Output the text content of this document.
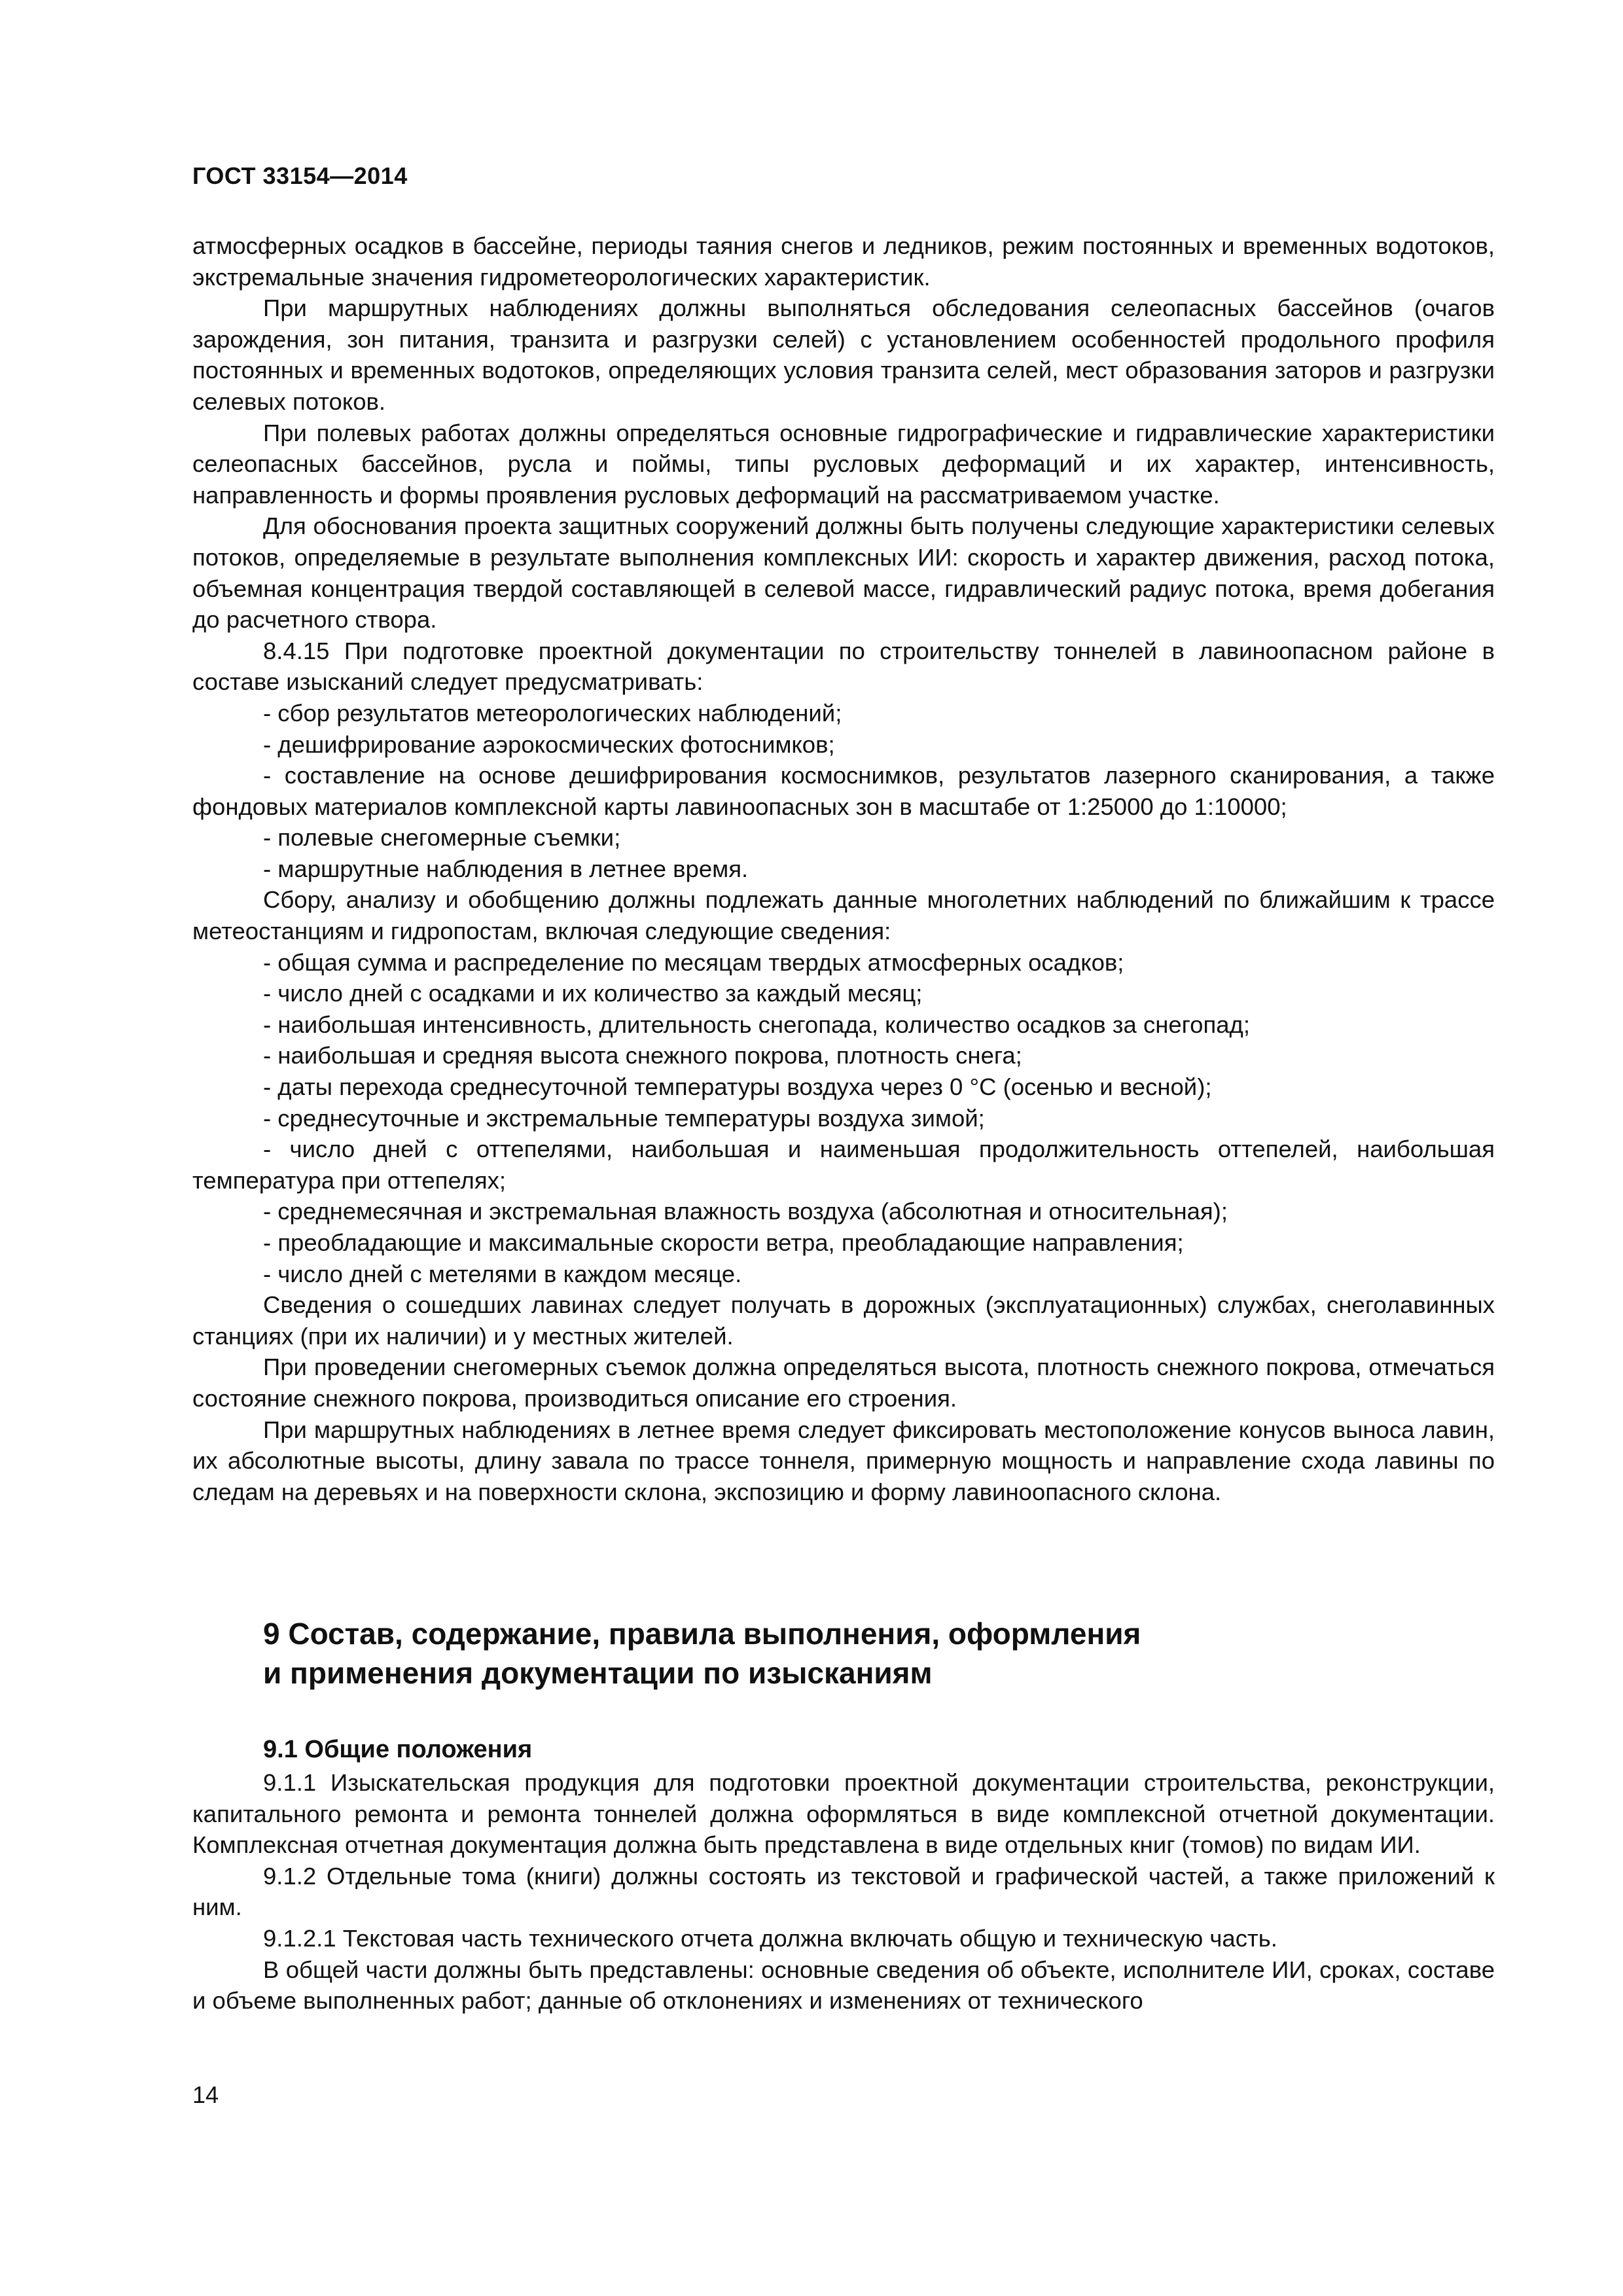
ГОСТ 33154—2014

атмосферных осадков в бассейне, периоды таяния снегов и ледников, режим постоянных и временных водотоков, экстремальные значения гидрометеорологических характеристик.

При маршрутных наблюдениях должны выполняться обследования селеопасных бассейнов (очагов зарождения, зон питания, транзита и разгрузки селей) с установлением особенностей продольного профиля постоянных и временных водотоков, определяющих условия транзита селей, мест образования заторов и разгрузки селевых потоков.

При полевых работах должны определяться основные гидрографические и гидравлические характеристики селеопасных бассейнов, русла и поймы, типы русловых деформаций и их характер, интенсивность, направленность и формы проявления русловых деформаций на рассматриваемом участке.

Для обоснования проекта защитных сооружений должны быть получены следующие характеристики селевых потоков, определяемые в результате выполнения комплексных ИИ: скорость и характер движения, расход потока, объемная концентрация твердой составляющей в селевой массе, гидравлический радиус потока, время добегания до расчетного створа.

8.4.15 При подготовке проектной документации по строительству тоннелей в лавиноопасном районе в составе изысканий следует предусматривать:

- сбор результатов метеорологических наблюдений;

- дешифрирование аэрокосмических фотоснимков;

- составление на основе дешифрирования космоснимков, результатов лазерного сканирования, а также фондовых материалов комплексной карты лавиноопасных зон в масштабе от 1:25000 до 1:10000;

- полевые снегомерные съемки;

- маршрутные наблюдения в летнее время.

Сбору, анализу и обобщению должны подлежать данные многолетних наблюдений по ближайшим к трассе метеостанциям и гидропостам, включая следующие сведения:

- общая сумма и распределение по месяцам твердых атмосферных осадков;

- число дней с осадками и их количество за каждый месяц;

- наибольшая интенсивность, длительность снегопада, количество осадков за снегопад;

- наибольшая и средняя высота снежного покрова, плотность снега;

- даты перехода среднесуточной температуры воздуха через 0 °С (осенью и весной);

- среднесуточные и экстремальные температуры воздуха зимой;

- число дней с оттепелями, наибольшая и наименьшая продолжительность оттепелей, наибольшая температура при оттепелях;

- среднемесячная и экстремальная влажность воздуха (абсолютная и относительная);

- преобладающие и максимальные скорости ветра, преобладающие направления;

- число дней с метелями в каждом месяце.

Сведения о сошедших лавинах следует получать в дорожных (эксплуатационных) службах, снеголавинных станциях (при их наличии) и у местных жителей.

При проведении снегомерных съемок должна определяться высота, плотность снежного покрова, отмечаться состояние снежного покрова, производиться описание его строения.

При маршрутных наблюдениях в летнее время следует фиксировать местоположение конусов выноса лавин, их абсолютные высоты, длину завала по трассе тоннеля, примерную мощность и направление схода лавины по следам на деревьях и на поверхности склона, экспозицию и форму лавиноопасного склона.

9 Состав, содержание, правила выполнения, оформления
и применения документации по изысканиям
9.1 Общие положения

9.1.1 Изыскательская продукция для подготовки проектной документации строительства, реконструкции, капитального ремонта и ремонта тоннелей должна оформляться в виде комплексной отчетной документации. Комплексная отчетная документация должна быть представлена в виде отдельных книг (томов) по видам ИИ.

9.1.2 Отдельные тома (книги) должны состоять из текстовой и графической частей, а также приложений к ним.

9.1.2.1 Текстовая часть технического отчета должна включать общую и техническую часть.

В общей части должны быть представлены: основные сведения об объекте, исполнителе ИИ, сроках, составе и объеме выполненных работ; данные об отклонениях и изменениях от технического

14
